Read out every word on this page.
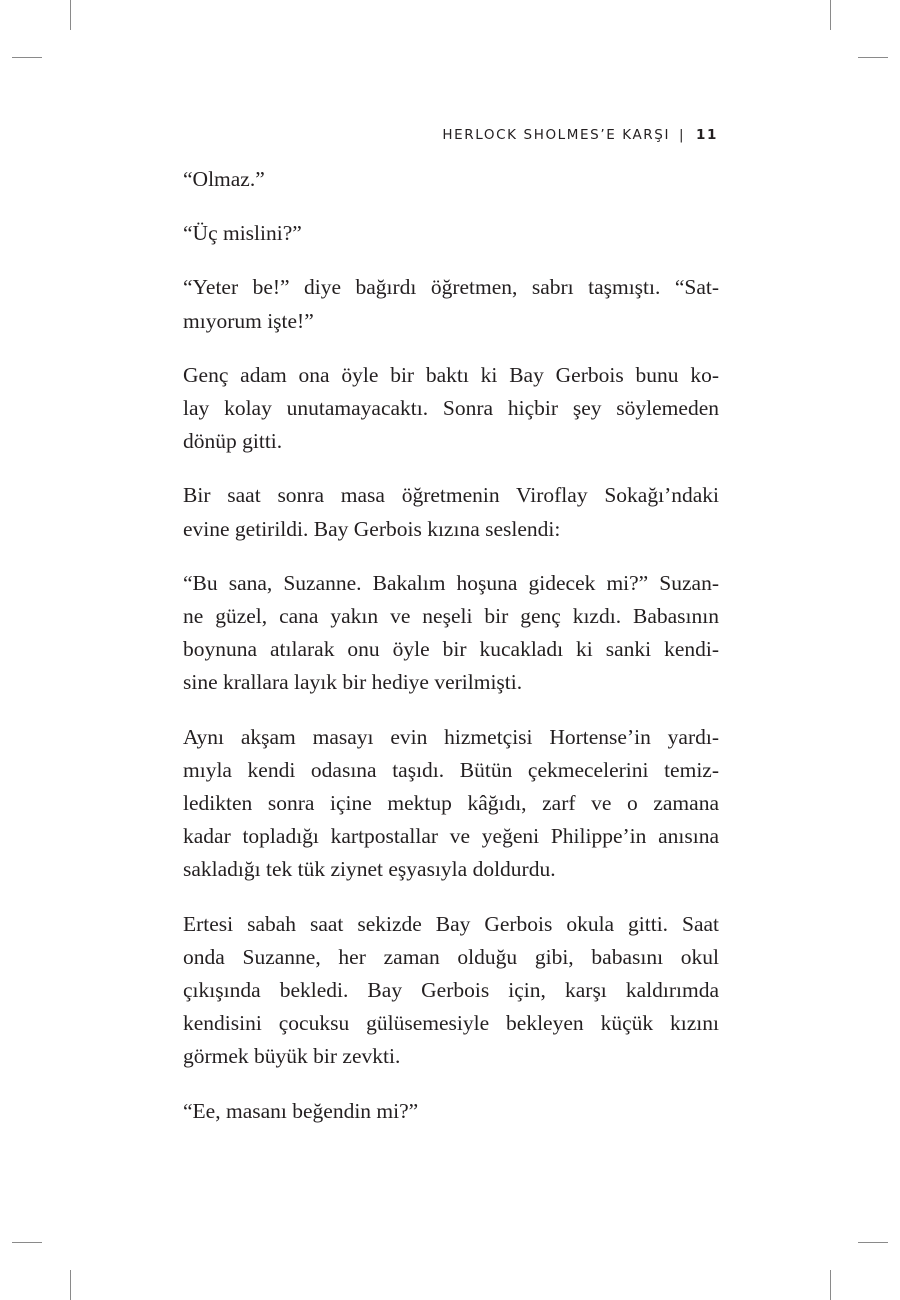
HERLOCK SHOLMES’E KARŞI | 11
“Olmaz.”
“Üç mislini?”
“Yeter be!” diye bağırdı öğretmen, sabrı taşmıştı. “Sat-
mıyorum işte!”
Genç adam ona öyle bir baktı ki Bay Gerbois bunu ko-
lay kolay unutamayacaktı. Sonra hiçbir şey söylemeden
dönüp gitti.
Bir saat sonra masa öğretmenin Viroflay Sokağı’ndaki
evine getirildi. Bay Gerbois kızına seslendi:
“Bu sana, Suzanne. Bakalım hoşuna gidecek mi?” Suzan-
ne güzel, cana yakın ve neşeli bir genç kızdı. Babasının
boynuna atılarak onu öyle bir kucakladı ki sanki kendi-
sine krallara layık bir hediye verilmişti.
Aynı akşam masayı evin hizmetçisi Hortense’in yardı-
mıyla kendi odasına taşıdı. Bütün çekmecelerini temiz-
ledikten sonra içine mektup kâğıdı, zarf ve o zamana
kadar topladığı kartpostallar ve yeğeni Philippe’in anısına
sakladığı tek tük ziynet eşyasıyla doldurdu.
Ertesi sabah saat sekizde Bay Gerbois okula gitti. Saat
onda Suzanne, her zaman olduğu gibi, babasını okul
çıkışında bekledi. Bay Gerbois için, karşı kaldırımda
kendisini çocuksu gülüsemesiyle bekleyen küçük kızını
görmek büyük bir zevkti.
“Ee, masanı beğendin mi?”
